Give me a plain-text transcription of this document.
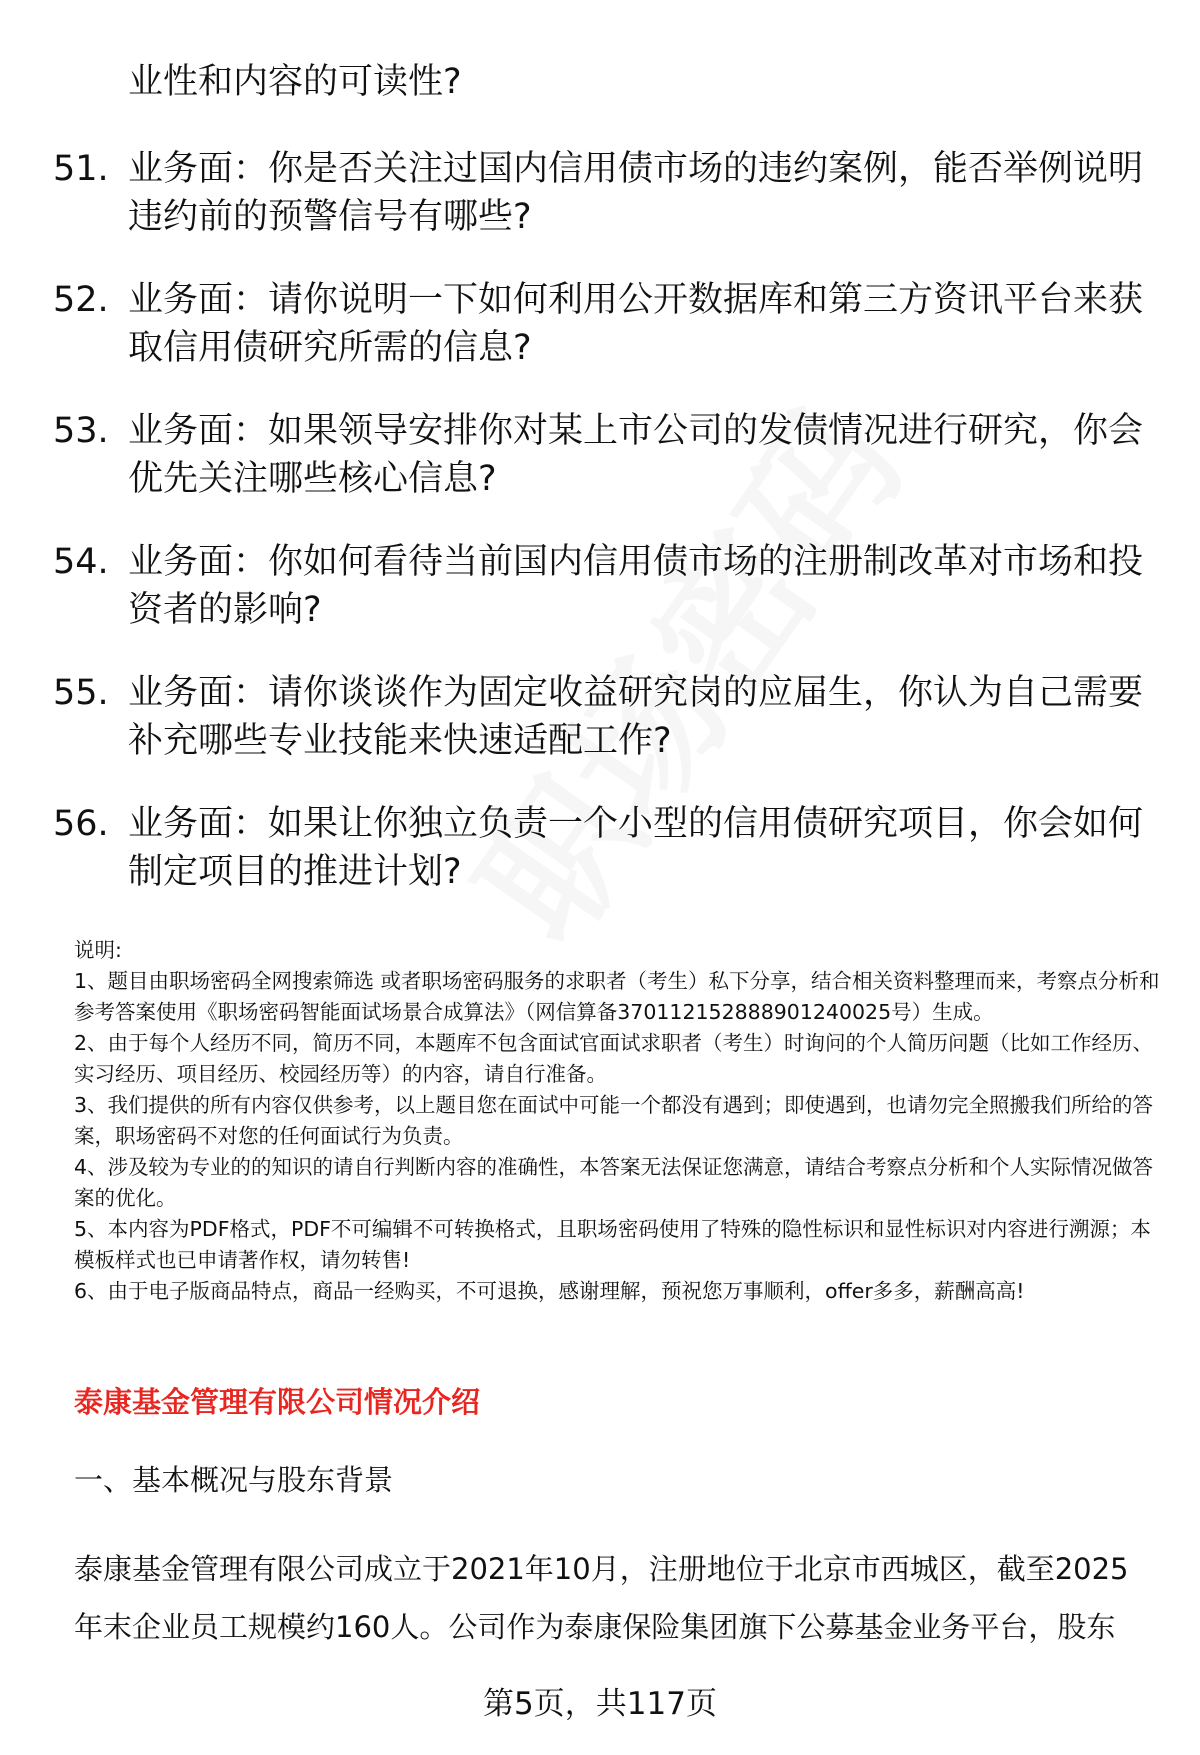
业性和内容的可读性?
51. 业务面：你是否关注过国内信用债市场的违约案例，能否举例说明违约前的预警信号有哪些?
52. 业务面：请你说明一下如何利用公开数据库和第三方资讯平台来获取信用债研究所需的信息?
53. 业务面：如果领导安排你对某上市公司的发债情况进行研究，你会优先关注哪些核心信息?
54. 业务面：你如何看待当前国内信用债市场的注册制改革对市场和投资者的影响?
55. 业务面：请你谈谈作为固定收益研究岗的应届生，你认为自己需要补充哪些专业技能来快速适配工作?
56. 业务面：如果让你独立负责一个小型的信用债研究项目，你会如何制定项目的推进计划?
说明:
1、题目由职场密码全网搜索筛选 或者职场密码服务的求职者（考生）私下分享，结合相关资料整理而来，考察点分析和参考答案使用《职场密码智能面试场景合成算法》（网信算备370112152888901240025号）生成。
2、由于每个人经历不同，简历不同，本题库不包含面试官面试求职者（考生）时询问的个人简历问题（比如工作经历、实习经历、项目经历、校园经历等）的内容，请自行准备。
3、我们提供的所有内容仅供参考，以上题目您在面试中可能一个都没有遇到；即使遇到，也请勿完全照搬我们所给的答案，职场密码不对您的任何面试行为负责。
4、涉及较为专业的的知识的请自行判断内容的准确性，本答案无法保证您满意，请结合考察点分析和个人实际情况做答案的优化。
5、本内容为PDF格式，PDF不可编辑不可转换格式，且职场密码使用了特殊的隐性标识和显性标识对内容进行溯源；本模板样式也已申请著作权，请勿转售!
6、由于电子版商品特点，商品一经购买，不可退换，感谢理解，预祝您万事顺利，offer多多，薪酬高高!
泰康基金管理有限公司情况介绍
一、基本概况与股东背景
泰康基金管理有限公司成立于2021年10月，注册地位于北京市西城区，截至2025年末企业员工规模约160人。公司作为泰康保险集团旗下公募基金业务平台，股东
第5页，共117页
